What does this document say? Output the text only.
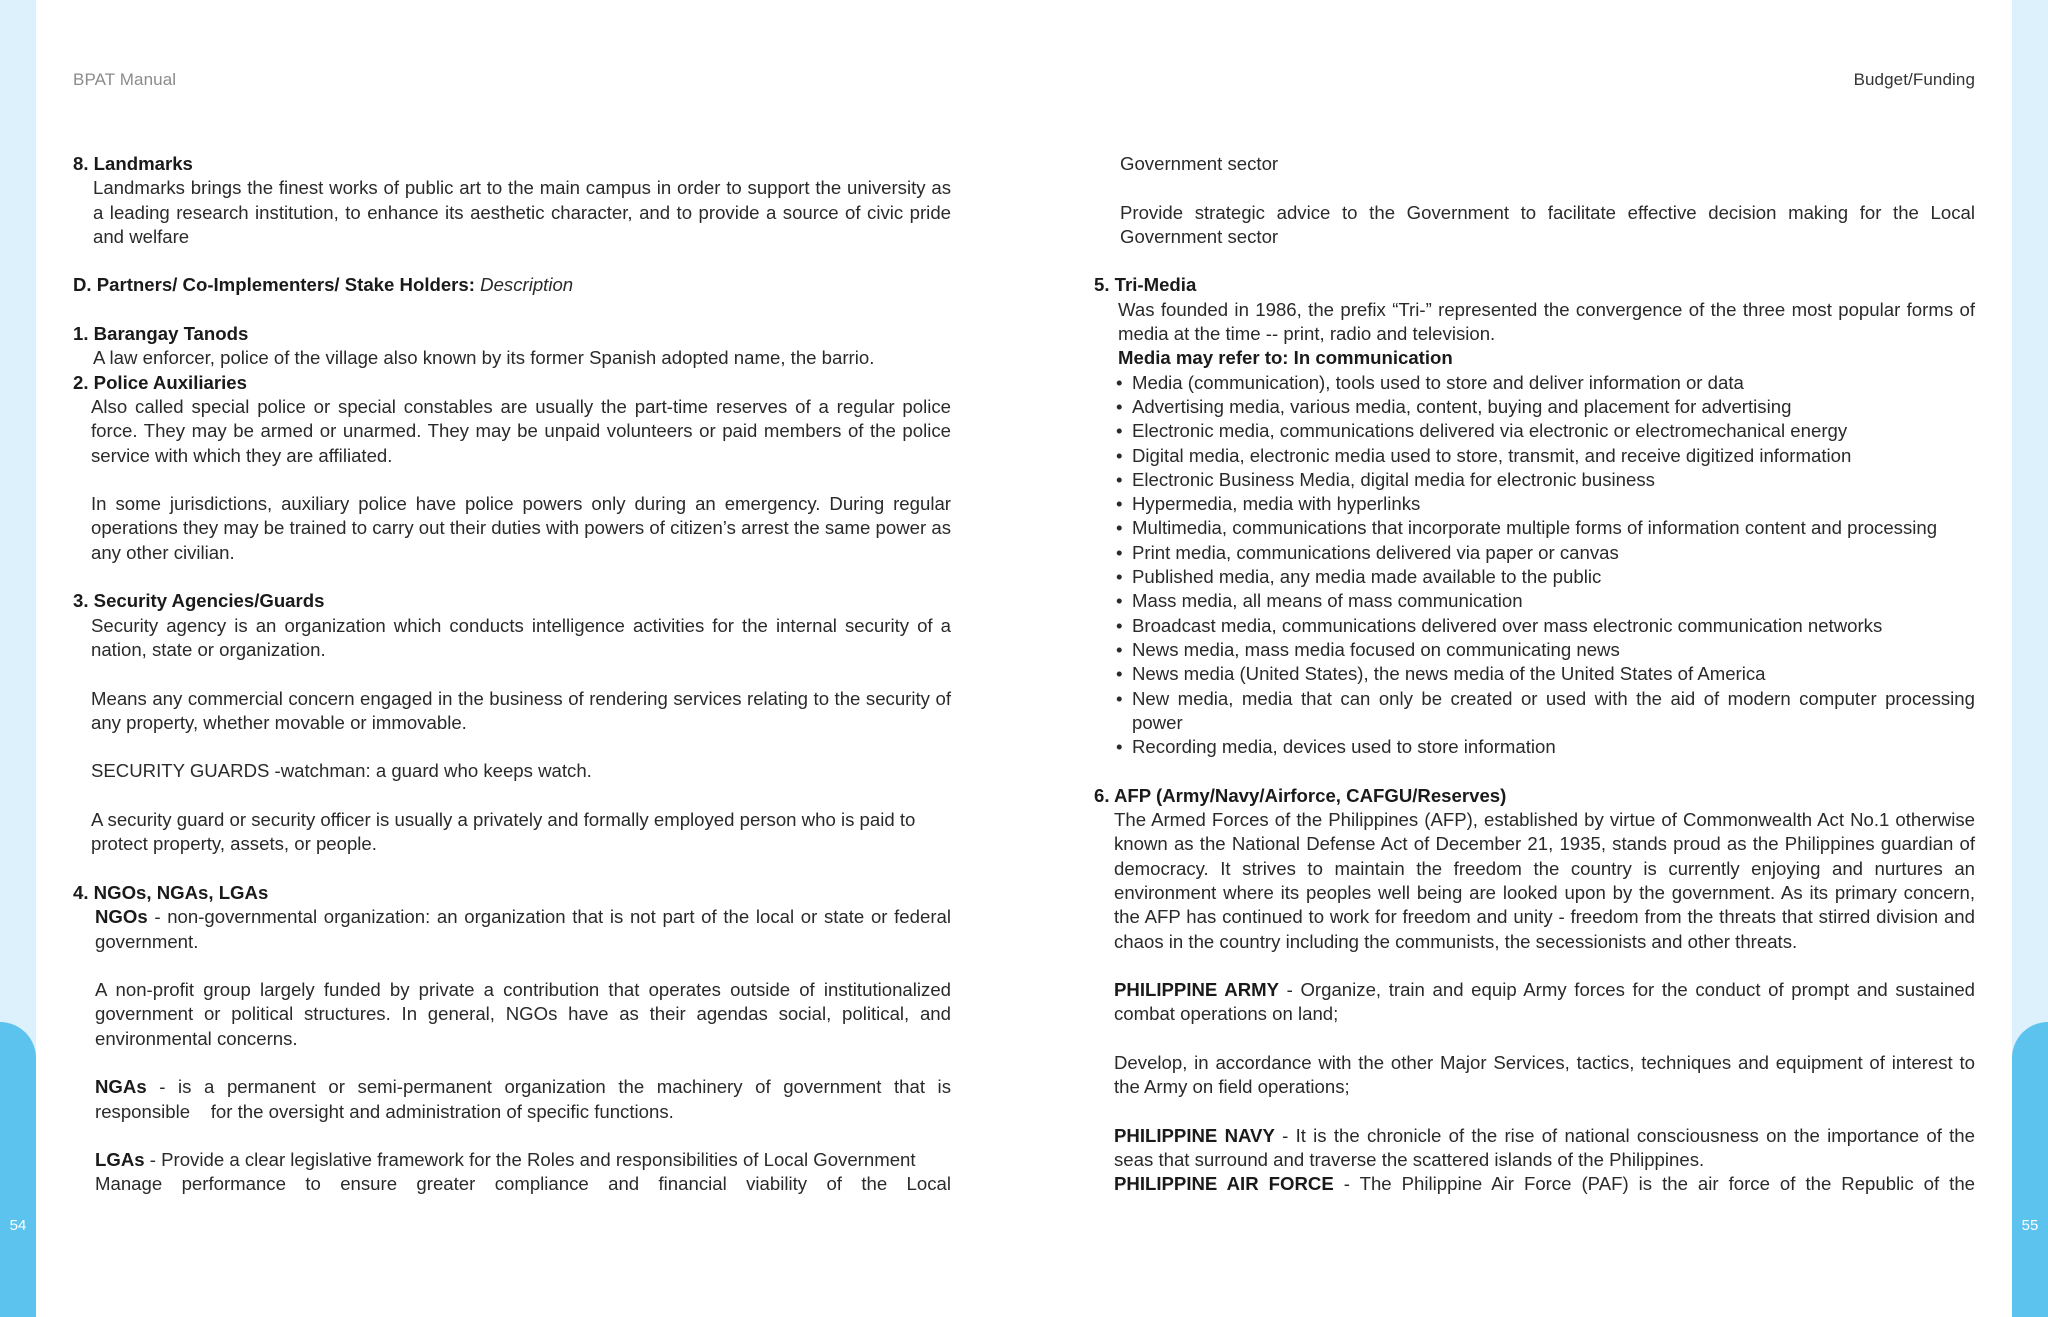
54	55
BPAT Manual	Budget/Funding

8. Landmarks

Landmarks brings the finest works of public art to the main campus in order to support the university as a leading research institution, to enhance its aesthetic character, and to provide a source of civic pride and welfare

D. Partners/ Co-Implementers/ Stake Holders: Description

1. Barangay Tanods

A law enforcer, police of the village also known by its former Spanish adopted name, the barrio.

2. Police Auxiliaries

Also called special police or special constables are usually the part-time reserves of a regular police force. They may be armed or unarmed. They may be unpaid volunteers or paid members of the police service with which they are affiliated.

In some jurisdictions, auxiliary police have police powers only during an emergency. During regular operations they may be trained to carry out their duties with powers of citizen’s arrest the same power as any other civilian.

3. Security Agencies/Guards

Security agency is an organization which conducts intelligence activities for the internal security of a nation, state or organization.

Means any commercial concern engaged in the business of rendering services relating to the security of any property, whether movable or immovable.

SECURITY GUARDS -watchman: a guard who keeps watch.

A security guard or security officer is usually a privately and formally employed person who is paid to protect property, assets, or people.

4. NGOs, NGAs, LGAs

NGOs - non-governmental organization: an organization that is not part of the local or state or federal government.

A non-profit group largely funded by private a contribution that operates outside of institutionalized government or political structures. In general, NGOs have as their agendas social, political, and environmental concerns.

NGAs - is a permanent or semi-permanent organization the machinery of government that is responsible    for the oversight and administration of specific functions.

LGAs - Provide a clear legislative framework for the Roles and responsibilities of Local Government

Manage performance to ensure greater compliance and financial viability of the Local

Government sector

Provide strategic advice to the Government to facilitate effective decision making for the Local Government sector

5. Tri-Media

Was founded in 1986, the prefix “Tri-” represented the convergence of the three most popular forms of media at the time -- print, radio and television.

Media may refer to: In communication

• Media (communication), tools used to store and deliver information or data
• Advertising media, various media, content, buying and placement for advertising
• Electronic media, communications delivered via electronic or electromechanical energy
• Digital media, electronic media used to store, transmit, and receive digitized information
• Electronic Business Media, digital media for electronic business
• Hypermedia, media with hyperlinks
• Multimedia, communications that incorporate multiple forms of information content and processing
• Print media, communications delivered via paper or canvas
• Published media, any media made available to the public
• Mass media, all means of mass communication
• Broadcast media, communications delivered over mass electronic communication networks
• News media, mass media focused on communicating news
• News media (United States), the news media of the United States of America
• New media, media that can only be created or used with the aid of modern computer processing power
• Recording media, devices used to store information

6. AFP (Army/Navy/Airforce, CAFGU/Reserves)

The Armed Forces of the Philippines (AFP), established by virtue of Commonwealth Act No.1 otherwise known as the National Defense Act of December 21, 1935, stands proud as the Philippines guardian of democracy. It strives to maintain the freedom the country is currently enjoying and nurtures an environment where its peoples well being are looked upon by the government. As its primary concern, the AFP has continued to work for freedom and unity - freedom from the threats that stirred division and chaos in the country including the communists, the secessionists and other threats.

PHILIPPINE ARMY - Organize, train and equip Army forces for the conduct of prompt and sustained combat operations on land;

Develop, in accordance with the other Major Services, tactics, techniques and equipment of interest to the Army on field operations;

PHILIPPINE NAVY - It is the chronicle of the rise of national consciousness on the importance of the seas that surround and traverse the scattered islands of the Philippines.

PHILIPPINE AIR FORCE - The Philippine Air Force (PAF) is the air force of the Republic of the
